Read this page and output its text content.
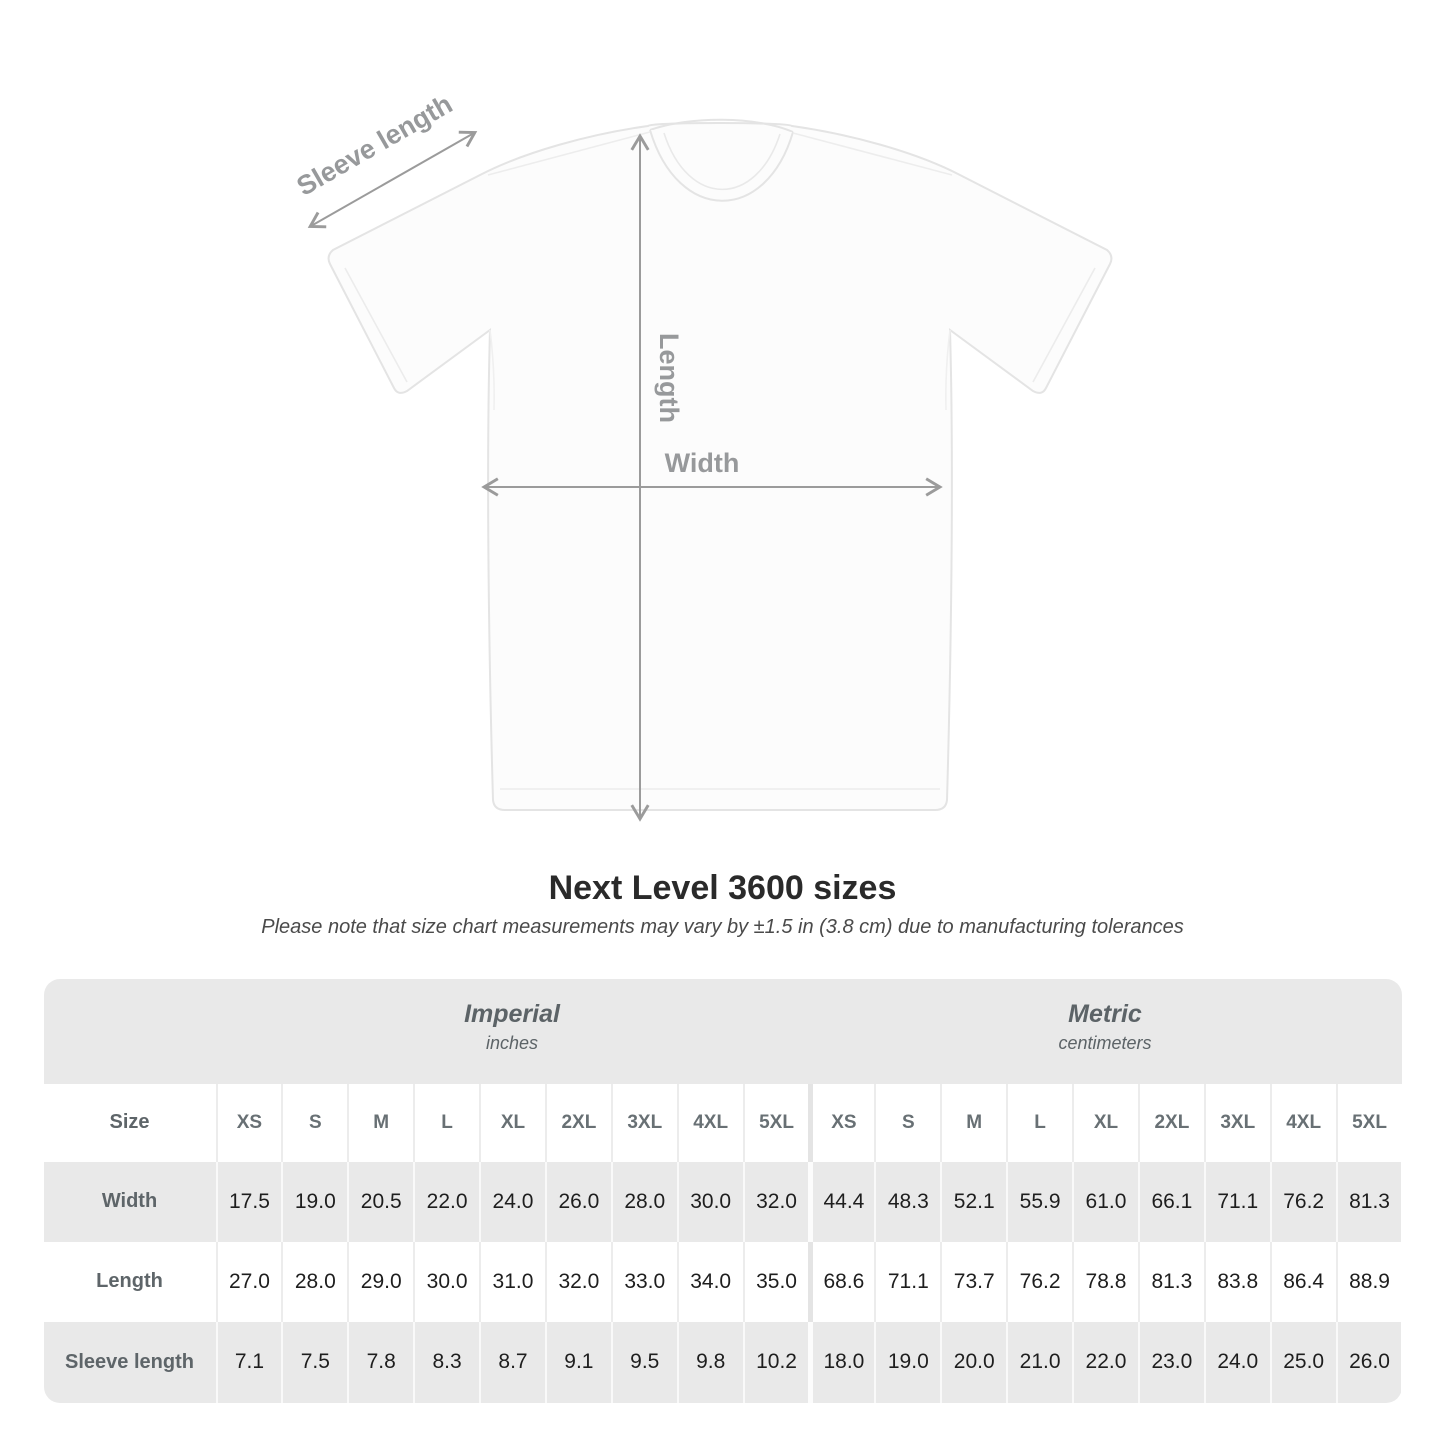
Sleeve length
Length
Width
Next Level 3600 sizes

Please note that size chart measurements may vary by ±1.5 in (3.8 cm) due to manufacturing tolerances

Imperial
inches
Metric
centimeters
Size	XS	S	M	L	XL	2XL	3XL	4XL	5XL	XS	S	M	L	XL	2XL	3XL	4XL	5XL
Width	17.5	19.0	20.5	22.0	24.0	26.0	28.0	30.0	32.0	44.4	48.3	52.1	55.9	61.0	66.1	71.1	76.2	81.3
Length	27.0	28.0	29.0	30.0	31.0	32.0	33.0	34.0	35.0	68.6	71.1	73.7	76.2	78.8	81.3	83.8	86.4	88.9
Sleeve length	7.1	7.5	7.8	8.3	8.7	9.1	9.5	9.8	10.2	18.0	19.0	20.0	21.0	22.0	23.0	24.0	25.0	26.0
